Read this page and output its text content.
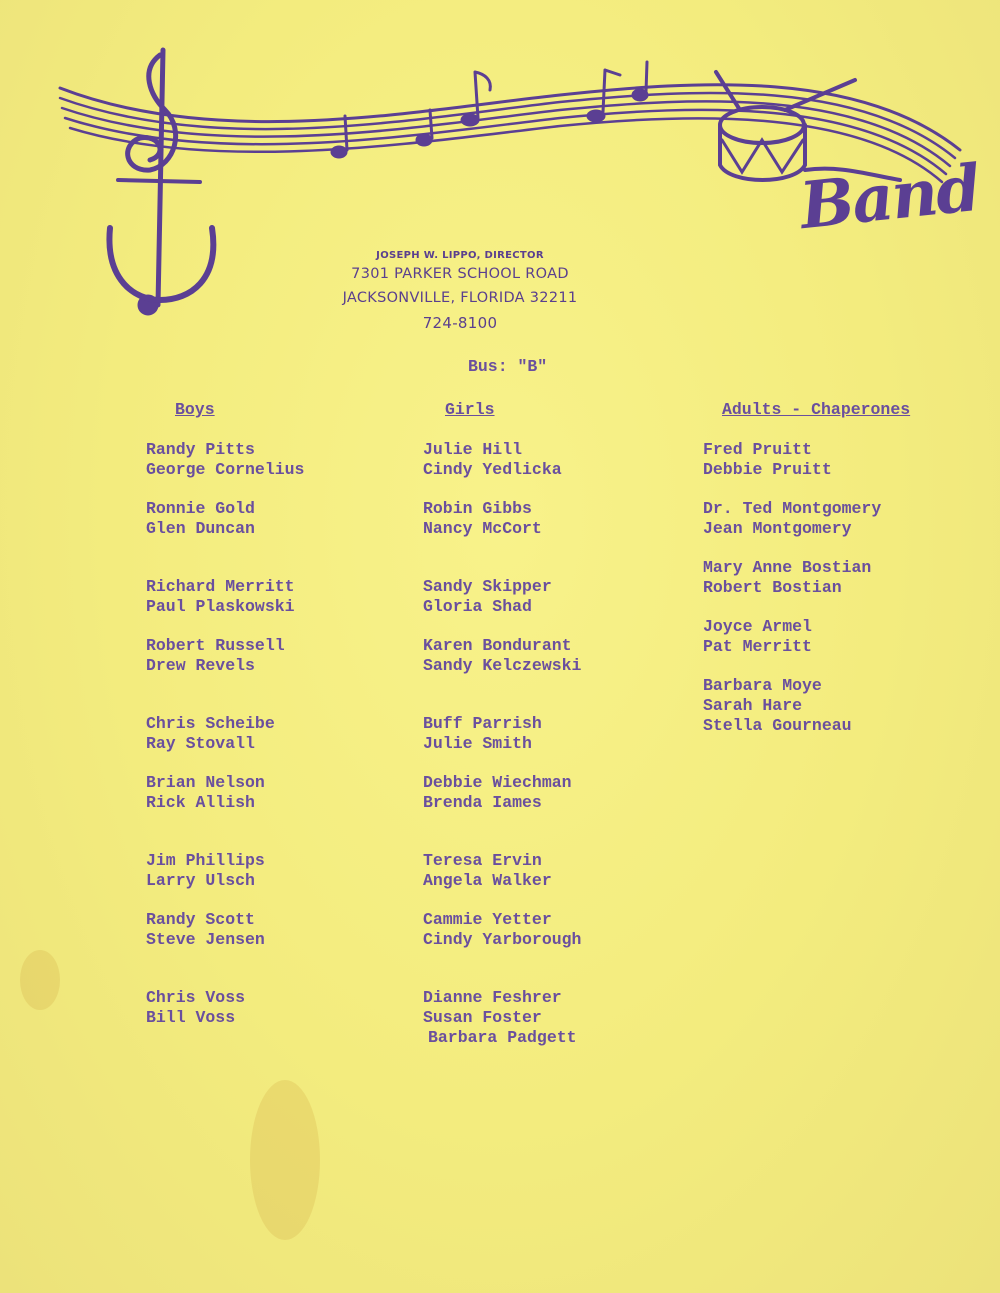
Band
JOSEPH W. LIPPO, DIRECTOR
7301 PARKER SCHOOL ROAD
JACKSONVILLE, FLORIDA 32211
724-8100
Bus: "B"
Boys
Randy Pitts
George Cornelius
Ronnie Gold
Glen Duncan
Richard Merritt
Paul Plaskowski
Robert Russell
Drew Revels
Chris Scheibe
Ray Stovall
Brian Nelson
Rick Allish
Jim Phillips
Larry Ulsch
Randy Scott
Steve Jensen
Chris Voss
Bill Voss
Girls
Julie Hill
Cindy Yedlicka
Robin Gibbs
Nancy McCort
Sandy Skipper
Gloria Shad
Karen Bondurant
Sandy Kelczewski
Buff Parrish
Julie Smith
Debbie Wiechman
Brenda Iames
Teresa Ervin
Angela Walker
Cammie Yetter
Cindy Yarborough
Dianne Feshrer
Susan Foster
Barbara Padgett
Adults - Chaperones
Fred Pruitt
Debbie Pruitt
Dr. Ted Montgomery
Jean Montgomery
Mary Anne Bostian
Robert Bostian
Joyce Armel
Pat Merritt
Barbara Moye
Sarah Hare
Stella Gourneau
